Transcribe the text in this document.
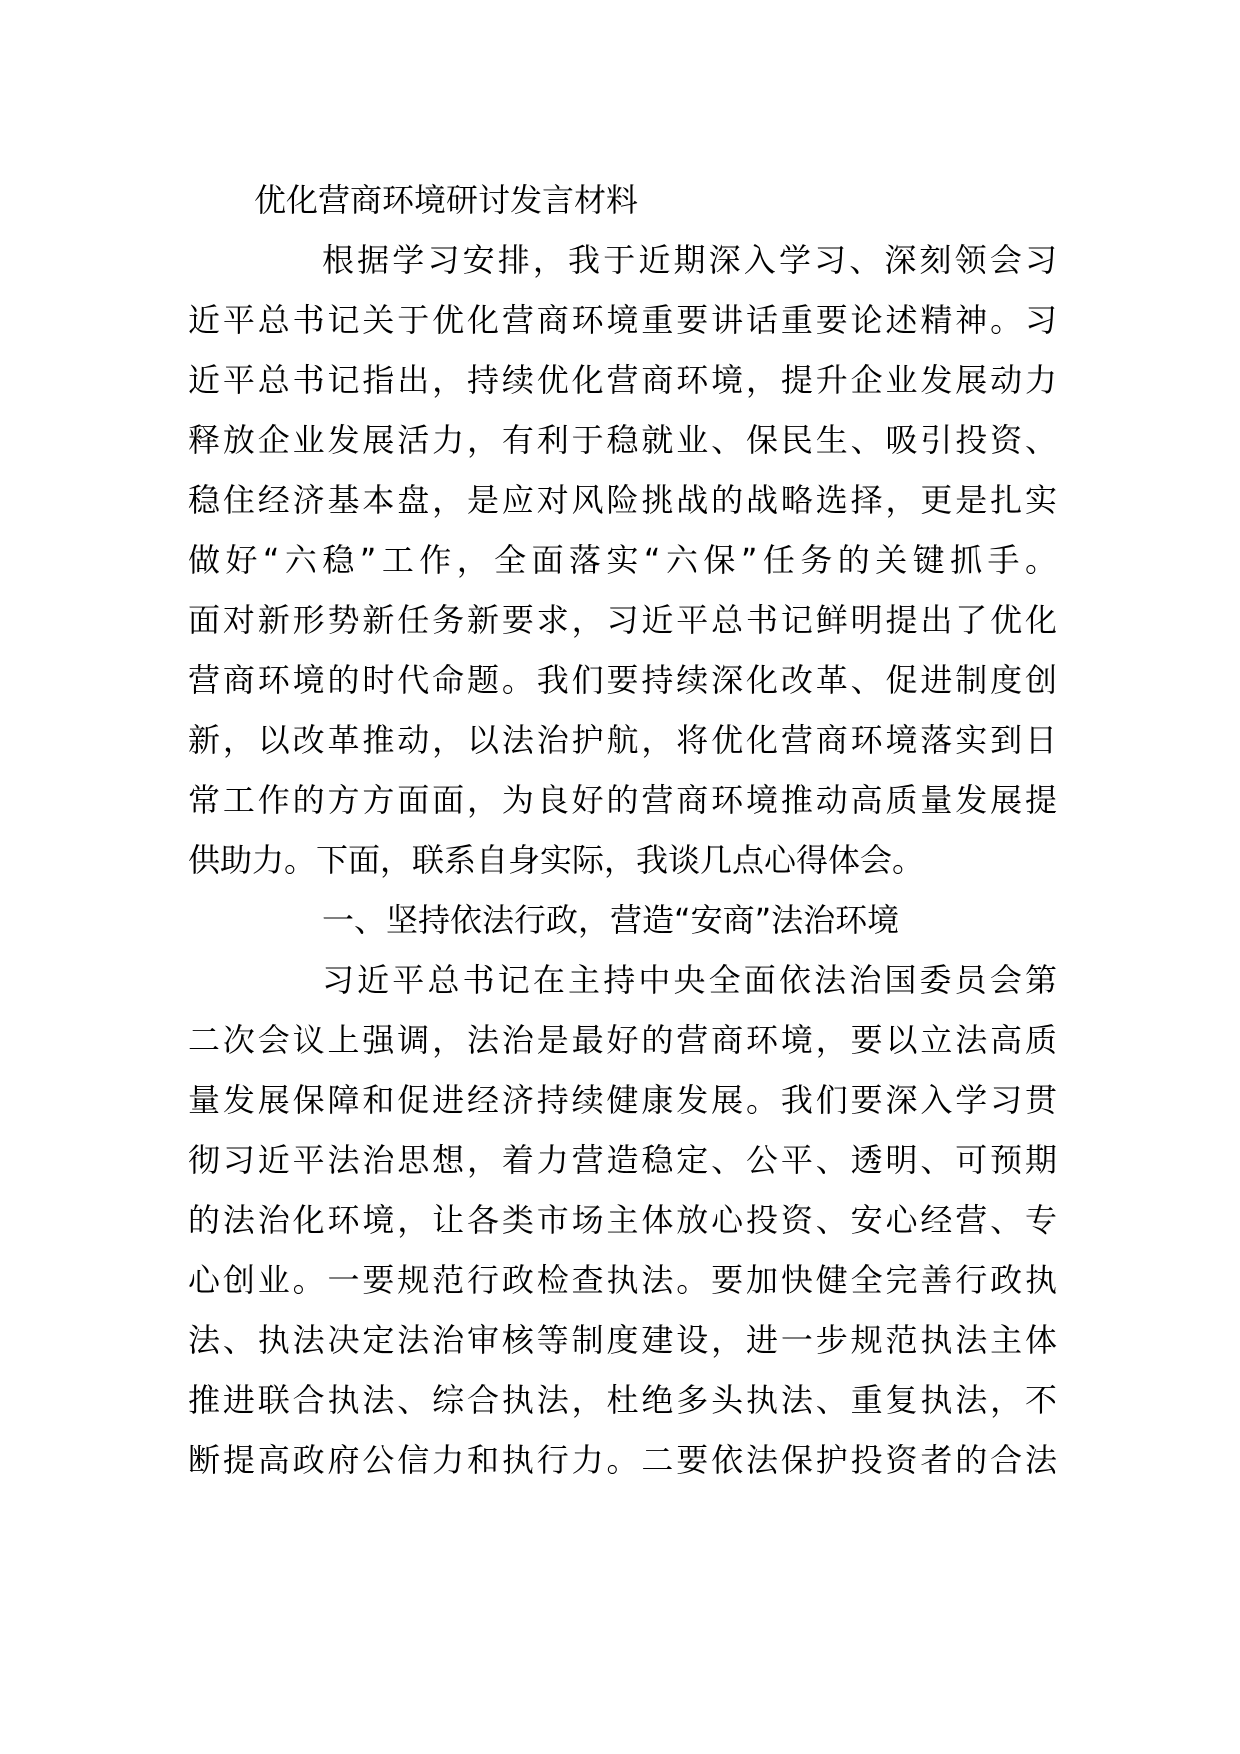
优化营商环境研讨发言材料
根据学习安排，我于近期深入学习、深刻领会习
近平总书记关于优化营商环境重要讲话重要论述精神。习
近平总书记指出，持续优化营商环境，提升企业发展动力
释放企业发展活力，有利于稳就业、保民生、吸引投资、
稳住经济基本盘，是应对风险挑战的战略选择，更是扎实
做好“六稳”工作，全面落实“六保”任务的关键抓手。
面对新形势新任务新要求，习近平总书记鲜明提出了优化
营商环境的时代命题。我们要持续深化改革、促进制度创
新，以改革推动，以法治护航，将优化营商环境落实到日
常工作的方方面面，为良好的营商环境推动高质量发展提
供助力。下面，联系自身实际，我谈几点心得体会。
一、坚持依法行政，营造“安商”法治环境
习近平总书记在主持中央全面依法治国委员会第
二次会议上强调，法治是最好的营商环境，要以立法高质
量发展保障和促进经济持续健康发展。我们要深入学习贯
彻习近平法治思想，着力营造稳定、公平、透明、可预期
的法治化环境，让各类市场主体放心投资、安心经营、专
心创业。一要规范行政检查执法。要加快健全完善行政执
法、执法决定法治审核等制度建设，进一步规范执法主体
推进联合执法、综合执法，杜绝多头执法、重复执法，不
断提高政府公信力和执行力。二要依法保护投资者的合法
